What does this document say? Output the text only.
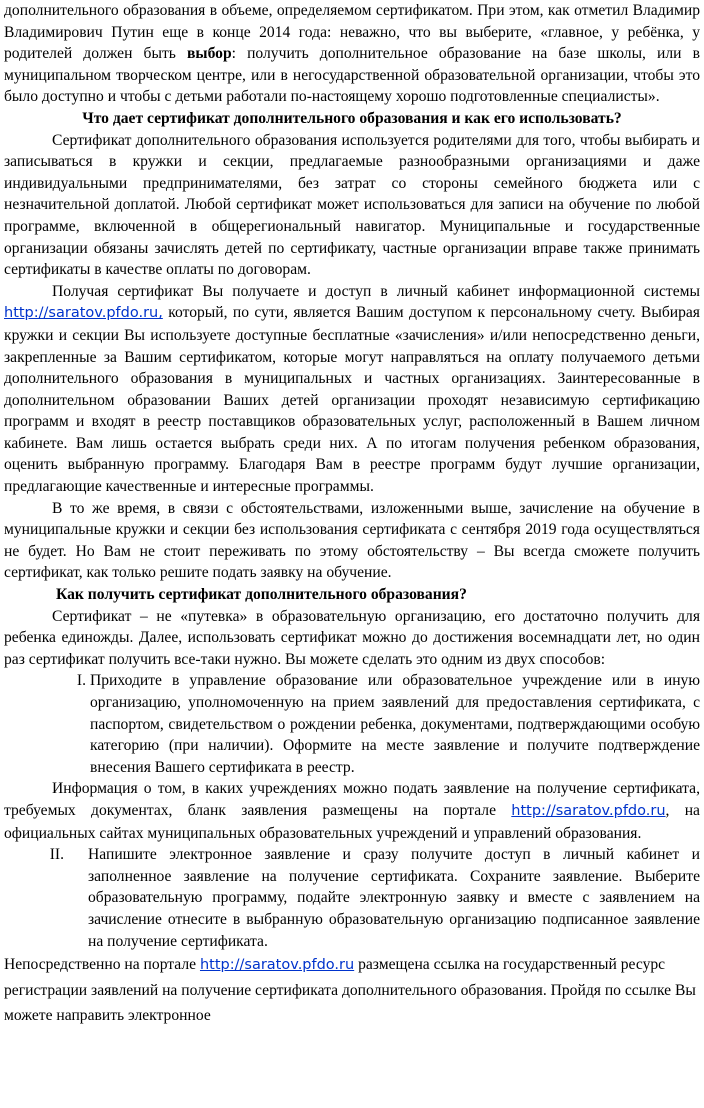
дополнительного образования в объеме, определяемом сертификатом. При этом, как отметил Владимир Владимирович Путин еще в конце 2014 года: неважно, что вы выберите, «главное, у ребёнка, у родителей должен быть выбор: получить дополнительное образование на базе школы, или в муниципальном творческом центре, или в негосударственной образовательной организации, чтобы это было доступно и чтобы с детьми работали по-настоящему хорошо подготовленные специалисты».

Что дает сертификат дополнительного образования и как его использовать?

Сертификат дополнительного образования используется родителями для того, чтобы выбирать и записываться в кружки и секции, предлагаемые разнообразными организациями и даже индивидуальными предпринимателями, без затрат со стороны семейного бюджета или с незначительной доплатой. Любой сертификат может использоваться для записи на обучение по любой программе, включенной в общерегиональный навигатор. Муниципальные и государственные организации обязаны зачислять детей по сертификату, частные организации вправе также принимать сертификаты в качестве оплаты по договорам.

Получая сертификат Вы получаете и доступ в личный кабинет информационной системы http://saratov.pfdo.ru, который, по сути, является Вашим доступом к персональному счету. Выбирая кружки и секции Вы используете доступные бесплатные «зачисления» и/или непосредственно деньги, закрепленные за Вашим сертификатом, которые могут направляться на оплату получаемого детьми дополнительного образования в муниципальных и частных организациях. Заинтересованные в дополнительном образовании Ваших детей организации проходят независимую сертификацию программ и входят в реестр поставщиков образовательных услуг, расположенный в Вашем личном кабинете. Вам лишь остается выбрать среди них. А по итогам получения ребенком образования, оценить выбранную программу. Благодаря Вам в реестре программ будут лучшие организации, предлагающие качественные и интересные программы.

В то же время, в связи с обстоятельствами, изложенными выше, зачисление на обучение в муниципальные кружки и секции без использования сертификата с сентября 2019 года осуществляться не будет. Но Вам не стоит переживать по этому обстоятельству – Вы всегда сможете получить сертификат, как только решите подать заявку на обучение.

Как получить сертификат дополнительного образования?

Сертификат – не «путевка» в образовательную организацию, его достаточно получить для ребенка единожды. Далее, использовать сертификат можно до достижения восемнадцати лет, но один раз сертификат получить все-таки нужно. Вы можете сделать это одним из двух способов:

I. Приходите в управление образование или образовательное учреждение или в иную организацию, уполномоченную на прием заявлений для предоставления сертификата, с паспортом, свидетельством о рождении ребенка, документами, подтверждающими особую категорию (при наличии). Оформите на месте заявление и получите подтверждение внесения Вашего сертификата в реестр.

Информация о том, в каких учреждениях можно подать заявление на получение сертификата, требуемых документах, бланк заявления размещены на портале http://saratov.pfdo.ru, на официальных сайтах муниципальных образовательных учреждений и управлений образования.

II.	Напишите электронное заявление и сразу получите доступ в личный кабинет и заполненное заявление на получение сертификата. Сохраните заявление. Выберите образовательную программу, подайте электронную заявку и вместе с заявлением на зачисление отнесите в выбранную образовательную организацию подписанное заявление на получение сертификата.

Непосредственно на портале http://saratov.pfdo.ru размещена ссылка на государственный ресурс регистрации заявлений на получение сертификата дополнительного образования. Пройдя по ссылке Вы можете направить электронное
